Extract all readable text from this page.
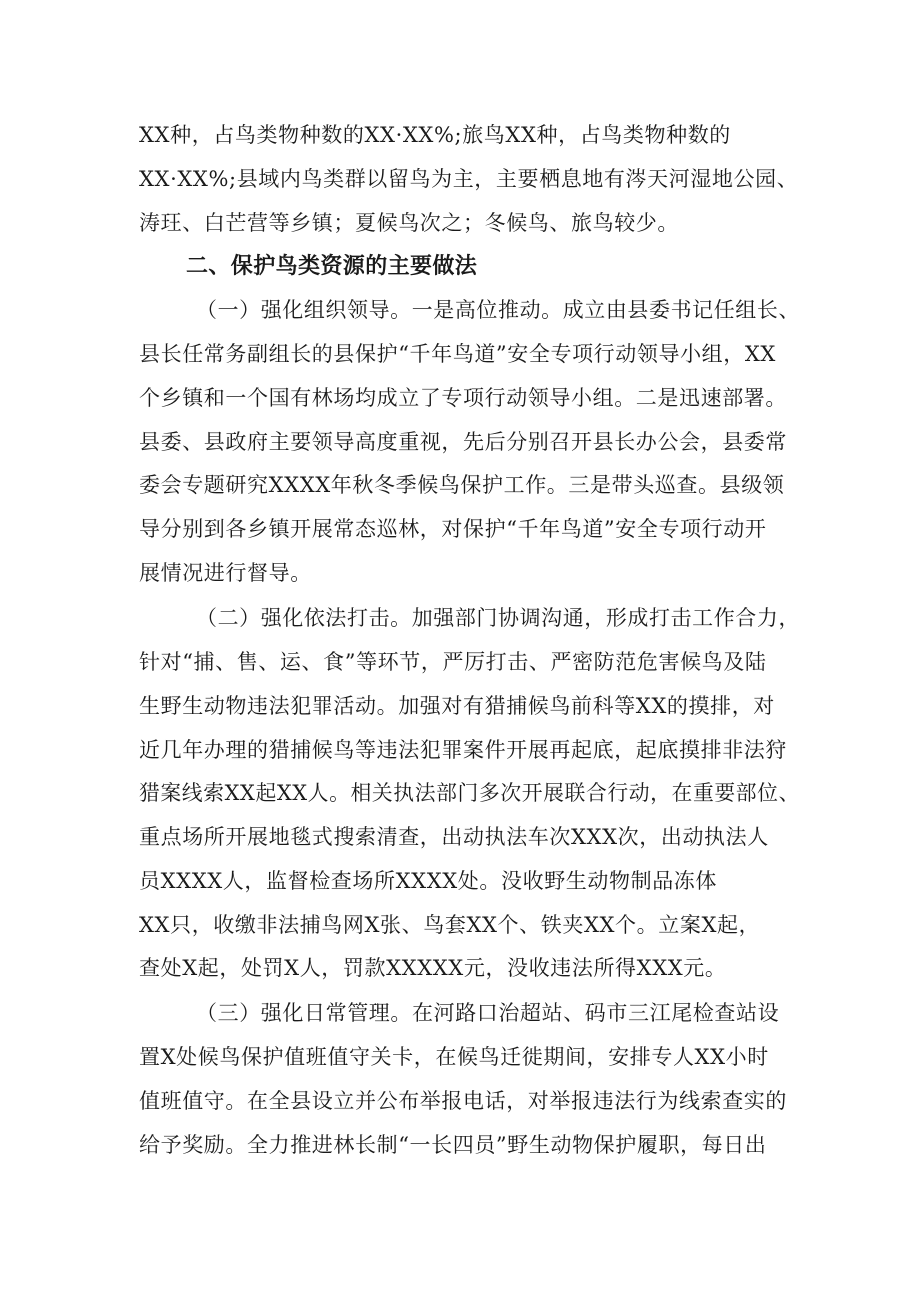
XX种，占鸟类物种数的XX·XX%;旅鸟XX种，占鸟类物种数的
XX·XX%;县域内鸟类群以留鸟为主，主要栖息地有涔天河湿地公园、
涛玨、白芒营等乡镇；夏候鸟次之；冬候鸟、旅鸟较少。
二、保护鸟类资源的主要做法
（一）强化组织领导。一是高位推动。成立由县委书记任组长、
县长任常务副组长的县保护“千年鸟道”安全专项行动领导小组，XX
个乡镇和一个国有林场均成立了专项行动领导小组。二是迅速部署。
县委、县政府主要领导高度重视，先后分别召开县长办公会，县委常
委会专题研究XXXX年秋冬季候鸟保护工作。三是带头巡查。县级领
导分别到各乡镇开展常态巡林，对保护“千年鸟道”安全专项行动开
展情况进行督导。
（二）强化依法打击。加强部门协调沟通，形成打击工作合力，
针对“捕、售、运、食”等环节，严厉打击、严密防范危害候鸟及陆
生野生动物违法犯罪活动。加强对有猎捕候鸟前科等XX的摸排，对
近几年办理的猎捕候鸟等违法犯罪案件开展再起底，起底摸排非法狩
猎案线索XX起XX人。相关执法部门多次开展联合行动，在重要部位、
重点场所开展地毯式搜索清查，出动执法车次XXX次，出动执法人
员XXXX人，监督检查场所XXXX处。没收野生动物制品冻体
XX只，收缴非法捕鸟网X张、鸟套XX个、铁夹XX个。立案X起，
查处X起，处罚X人，罚款XXXXX元，没收违法所得XXX元。
（三）强化日常管理。在河路口治超站、码市三江尾检查站设
置X处候鸟保护值班值守关卡，在候鸟迁徙期间，安排专人XX小时
值班值守。在全县设立并公布举报电话，对举报违法行为线索查实的
给予奖励。全力推进林长制“一长四员”野生动物保护履职，每日出
